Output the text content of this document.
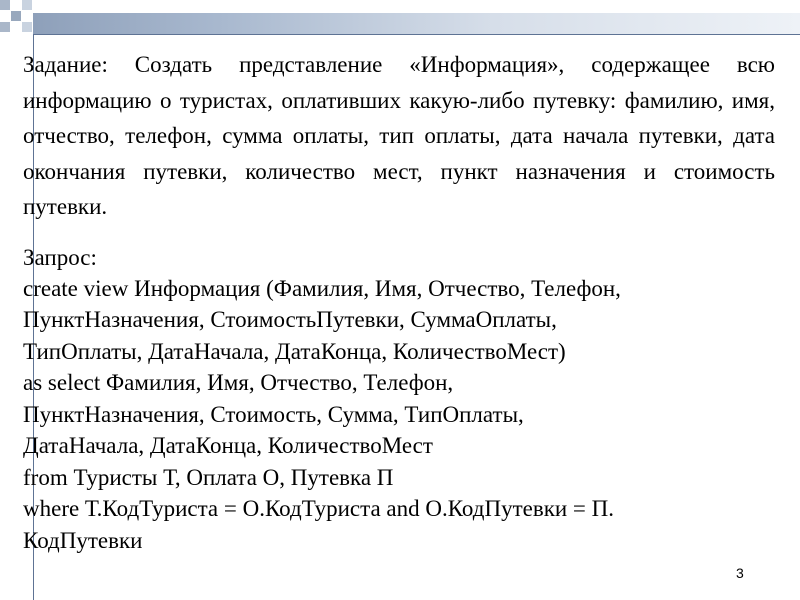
Задание: Создать представление «Информация», содержащее всю информацию о туристах, оплативших какую-либо путевку: фамилию, имя, отчество, телефон, сумма оплаты, тип оплаты, дата начала путевки, дата окончания путевки, количество мест, пункт назначения и стоимость путевки.

Запрос:

create view Информация (Фамилия, Имя, Отчество, Телефон,
ПунктНазначения, СтоимостьПутевки, СуммаОплаты,
ТипОплаты, ДатаНачала, ДатаКонца, КоличествоМест)
as select Фамилия, Имя, Отчество, Телефон,
ПунктНазначения, Стоимость, Сумма, ТипОплаты,
ДатаНачала, ДатаКонца, КоличествоМест
from Туристы Т, Оплата О, Путевка П
where Т.КодТуриста = О.КодТуриста and О.КодПутевки = П.
КодПутевки
3
